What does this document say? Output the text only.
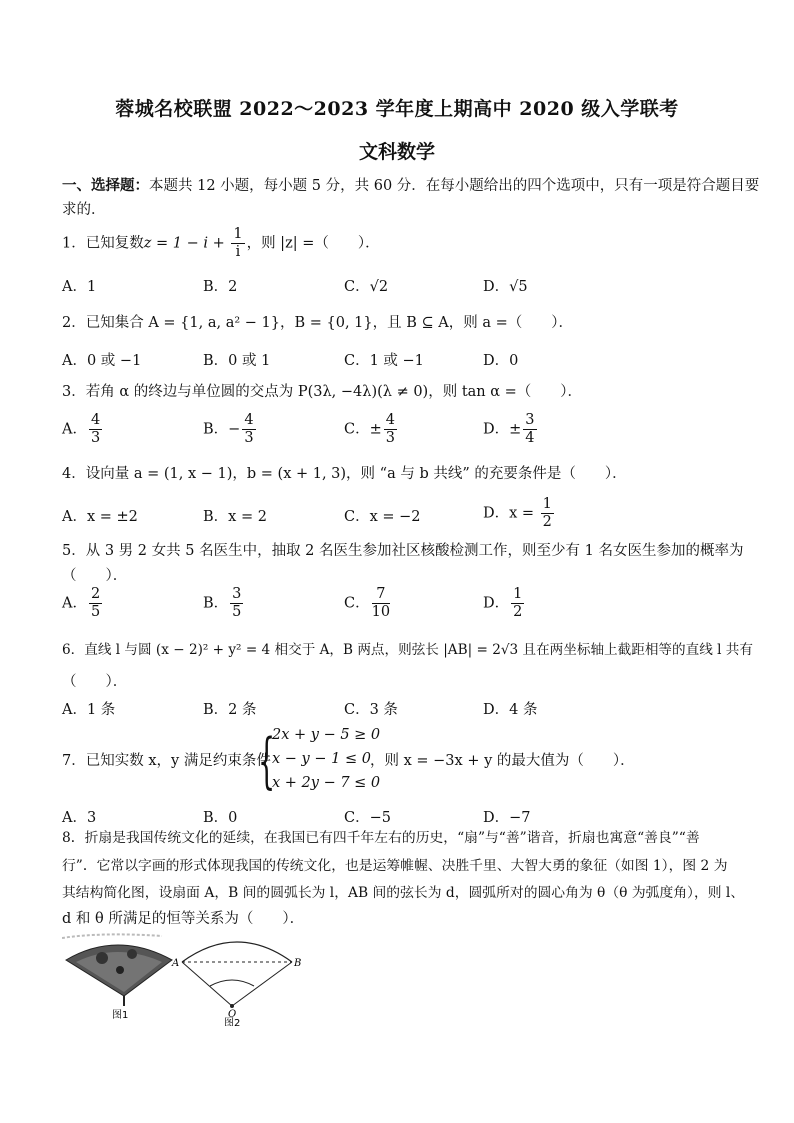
蓉城名校联盟 2022～2023 学年度上期高中 2020 级入学联考
文科数学
一、选择题：本题共 12 小题，每小题 5 分，共 60 分．在每小题给出的四个选项中，只有一项是符合题目要
求的．
1．已知复数$z = 1 - i + \frac{1}{i}$ ，则 |z| =（　　）．
A．1	B．2	C．√2	D．√5
2．已知集合 A = {1, a, a² − 1}，B = {0, 1}，且 B ⊆ A，则 a =（　　）．
A．0 或 −1	B．0 或 1	C．1 或 −1	D．0
3．若角 α 的终边与单位圆的交点为 P(3λ, −4λ)(λ ≠ 0)，则 tan α =（　　）．
A． $\frac{4}{3}$	B．− $\frac{4}{3}$	C．± $\frac{4}{3}$	D．± $\frac{3}{4}$
4．设向量 a = (1, x − 1)，b = (x + 1, 3)，则 “a 与 b 共线” 的充要条件是（　　）．
A．x = ±2	B．x = 2	C．x = −2	D．$x = \frac{1}{2}$
5．从 3 男 2 女共 5 名医生中，抽取 2 名医生参加社区核酸检测工作，则至少有 1 名女医生参加的概率为
（　　）．
A． $\frac{2}{5}$	B． $\frac{3}{5}$	C． $\frac{7}{10}$	D． $\frac{1}{2}$
6．直线 l 与圆 (x − 2)² + y² = 4 相交于 A，B 两点，则弦长 |AB| = 2√3 且在两坐标轴上截距相等的直线 l 共有
（　　）．
A．1 条	B．2 条	C．3 条	D．4 条
7．已知实数 x，y 满足约束条件
{
2x + y − 5 ≥ 0
x − y − 1 ≤ 0
x + 2y − 7 ≤ 0
，则 x = −3x + y 的最大值为（　　）．
A．3	B．0	C．−5	D．−7
8．折扇是我国传统文化的延续，在我国已有四千年左右的历史，“扇”与“善”谐音，折扇也寓意“善良”“善
行”．它常以字画的形式体现我国的传统文化，也是运筹帷幄、决胜千里、大智大勇的象征（如图 1），图 2 为
其结构简化图，设扇面 A，B 间的圆弧长为 l，AB 间的弦长为 d，圆弧所对的圆心角为 θ（θ 为弧度角），则 l、
d 和 θ 所满足的恒等关系为（　　）．
图1
A	B
O
图2
